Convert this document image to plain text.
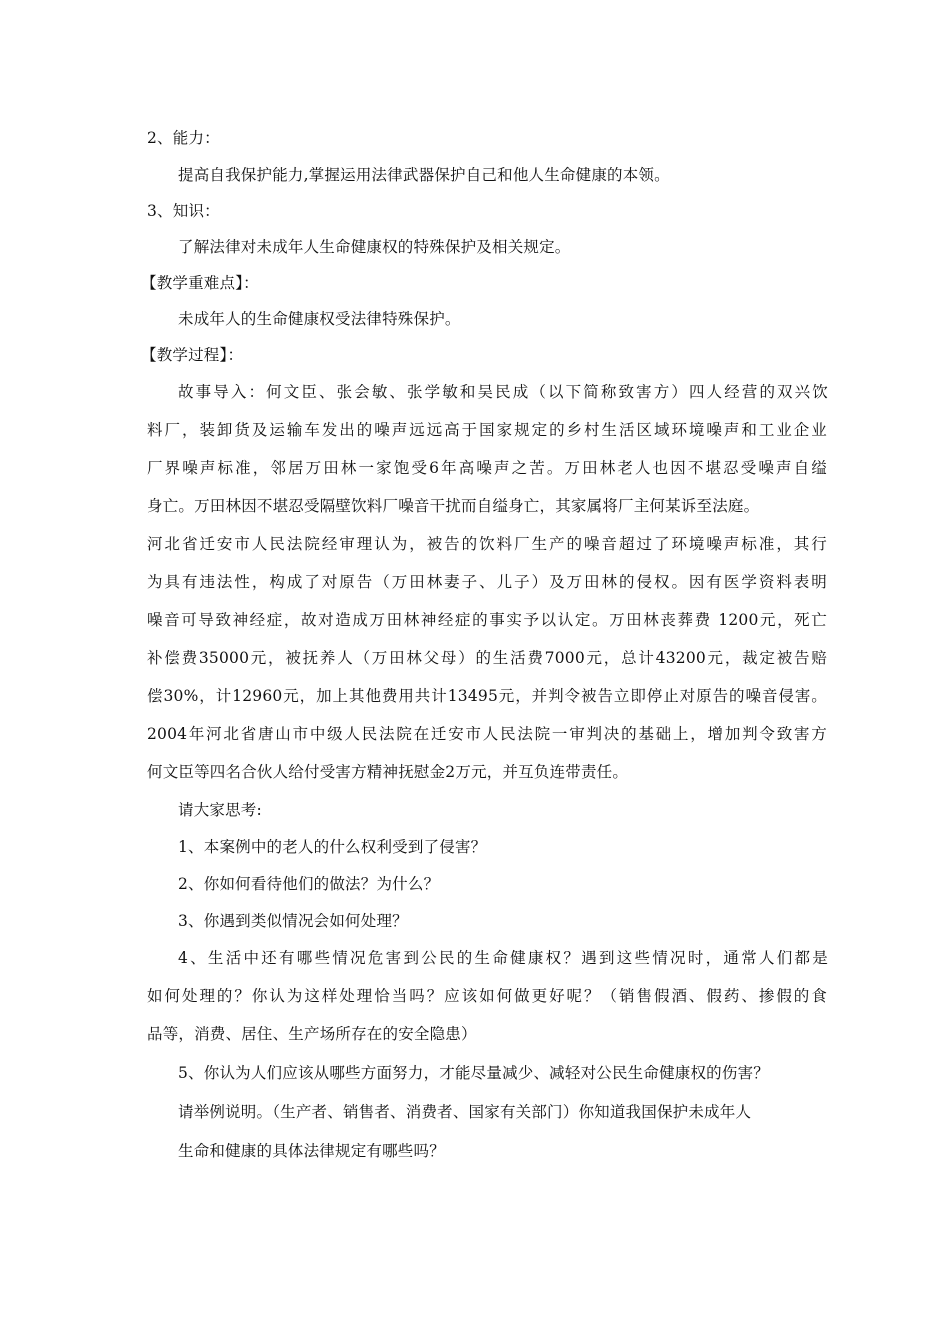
2、能力：
提高自我保护能力,掌握运用法律武器保护自己和他人生命健康的本领。
3、知识：
了解法律对未成年人生命健康权的特殊保护及相关规定。
【教学重难点】：
未成年人的生命健康权受法律特殊保护。
【教学过程】：
故事导入：何文臣、张会敏、张学敏和吴民成（以下简称致害方）四人经营的双兴饮
料厂，装卸货及运输车发出的噪声远远高于国家规定的乡村生活区域环境噪声和工业企业
厂界噪声标准，邻居万田林一家饱受6年高噪声之苦。万田林老人也因不堪忍受噪声自缢
身亡。万田林因不堪忍受隔壁饮料厂噪音干扰而自缢身亡，其家属将厂主何某诉至法庭。
河北省迁安市人民法院经审理认为，被告的饮料厂生产的噪音超过了环境噪声标准，其行
为具有违法性，构成了对原告（万田林妻子、儿子）及万田林的侵权。因有医学资料表明
噪音可导致神经症，故对造成万田林神经症的事实予以认定。万田林丧葬费 1200元，死亡
补偿费35000元，被抚养人（万田林父母）的生活费7000元，总计43200元，裁定被告赔
偿30%，计12960元，加上其他费用共计13495元，并判令被告立即停止对原告的噪音侵害。
2004年河北省唐山市中级人民法院在迁安市人民法院一审判决的基础上，增加判令致害方
何文臣等四名合伙人给付受害方精神抚慰金2万元，并互负连带责任。
请大家思考:
1、本案例中的老人的什么权利受到了侵害？
2、你如何看待他们的做法？为什么？
3、你遇到类似情况会如何处理？
4、生活中还有哪些情况危害到公民的生命健康权？遇到这些情况时，通常人们都是
如何处理的？你认为这样处理恰当吗？应该如何做更好呢？（销售假酒、假药、掺假的食
品等，消费、居住、生产场所存在的安全隐患）
5、你认为人们应该从哪些方面努力，才能尽量减少、减轻对公民生命健康权的伤害？
请举例说明。（生产者、销售者、消费者、国家有关部门）你知道我国保护未成年人
生命和健康的具体法律规定有哪些吗？
